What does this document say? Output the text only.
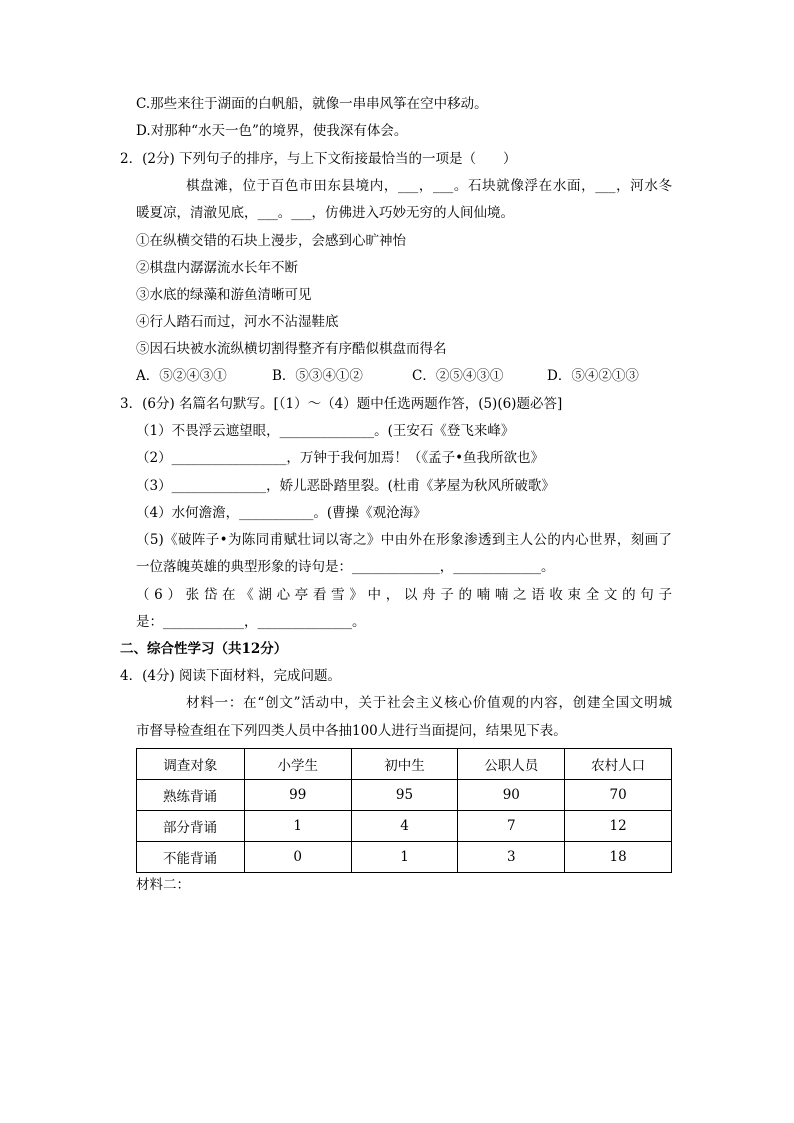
C.那些来往于湖面的白帆船，就像一串串风筝在空中移动。
D.对那种“水天一色”的境界，使我深有体会。
2．(2分) 下列句子的排序，与上下文衔接最恰当的一项是（　　）
棋盘滩，位于百色市田东县境内，___，___。石块就像浮在水面，___，河水冬
暖夏凉，清澈见底，___。___，仿佛进入巧妙无穷的人间仙境。
①在纵横交错的石块上漫步，会感到心旷神怡
②棋盘内潺潺流水长年不断
③水底的绿藻和游鱼清晰可见
④行人踏石而过，河水不沾湿鞋底
⑤因石块被水流纵横切割得整齐有序酷似棋盘而得名
A．⑤②④③①	B．⑤③④①②	C．②⑤④③①	D．⑤④②①③
3．(6分) 名篇名句默写。[（1）～（4）题中任选两题作答，(5)(6)题必答]
（1）不畏浮云遮望眼，______________。(王安石《登飞来峰》
（2）_________________，万钟于我何加焉！（《孟子•鱼我所欲也》
（3）______________，娇儿恶卧踏里裂。(杜甫《茅屋为秋风所破歌》
（4）水何澹澹，___________。(曹操《观沧海》
（5)《破阵子•为陈同甫赋壮词以寄之》中由外在形象渗透到主人公的内心世界，刻画了
一位落魄英雄的典型形象的诗句是：_____________，_____________。
（6）张岱在《湖心亭看雪》中，以舟子的喃喃之语收束全文的句子
是：____________，______________。
二、综合性学习（共12分）
4．(4分) 阅读下面材料，完成问题。
材料一：在“创文”活动中，关于社会主义核心价值观的内容，创建全国文明城
市督导检查组在下列四类人员中各抽100人进行当面提问，结果见下表。
调查对象	小学生	初中生	公职人员	农村人口
熟练背诵	99	95	90	70
部分背诵	1	4	7	12
不能背诵	0	1	3	18
材料二：
